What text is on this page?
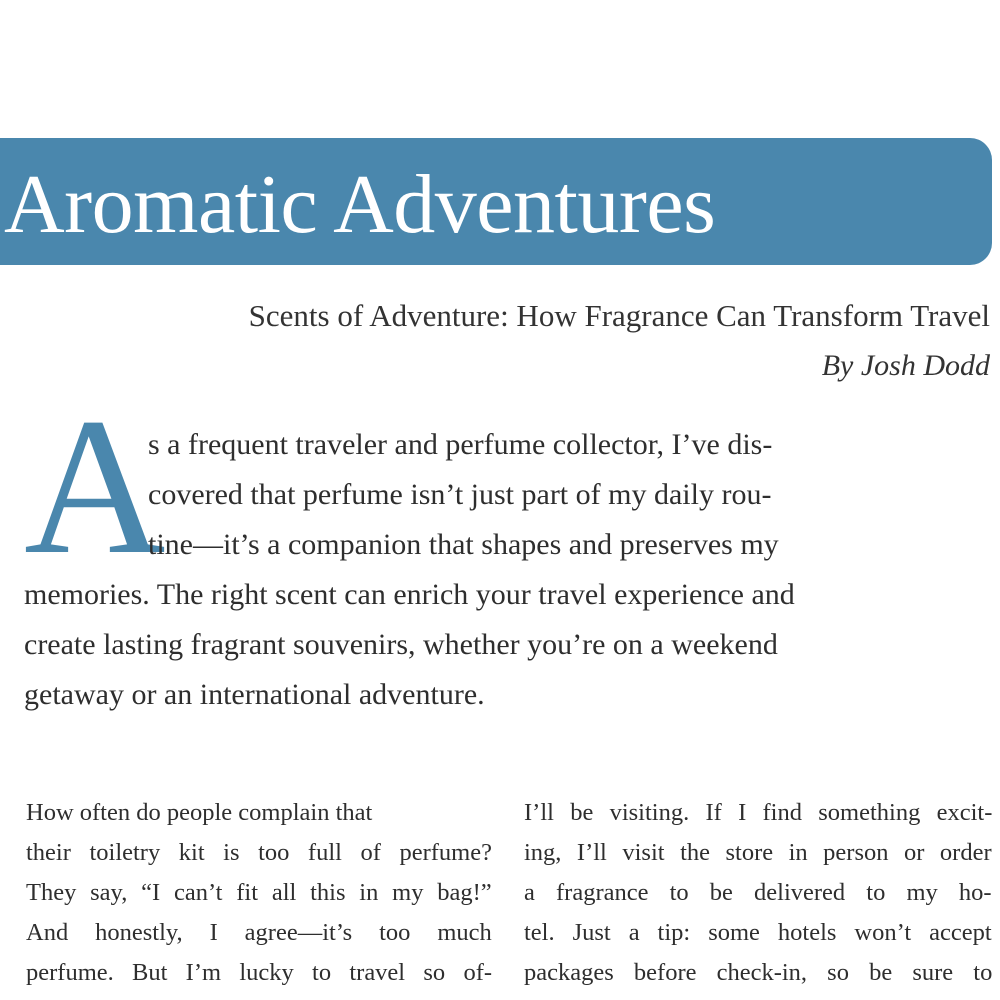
Aromatic Adventures
Scents of Adventure: How Fragrance Can Transform Travel
By Josh Dodd
A
s a frequent traveler and perfume collector, I’ve dis-
covered that perfume isn’t just part of my daily rou-
tine—it’s a companion that shapes and preserves my
memories. The right scent can enrich your travel experience and
create lasting fragrant souvenirs, whether you’re on a weekend
getaway or an international adventure.
How often do people complain that
their toiletry kit is too full of perfume?
They say, “I can’t fit all this in my bag!”
And honestly, I agree—it’s too much
perfume. But I’m lucky to travel so of-
I’ll be visiting. If I find something excit-
ing, I’ll visit the store in person or order
a fragrance to be delivered to my ho-
tel. Just a tip: some hotels won’t accept
packages before check-in, so be sure to
